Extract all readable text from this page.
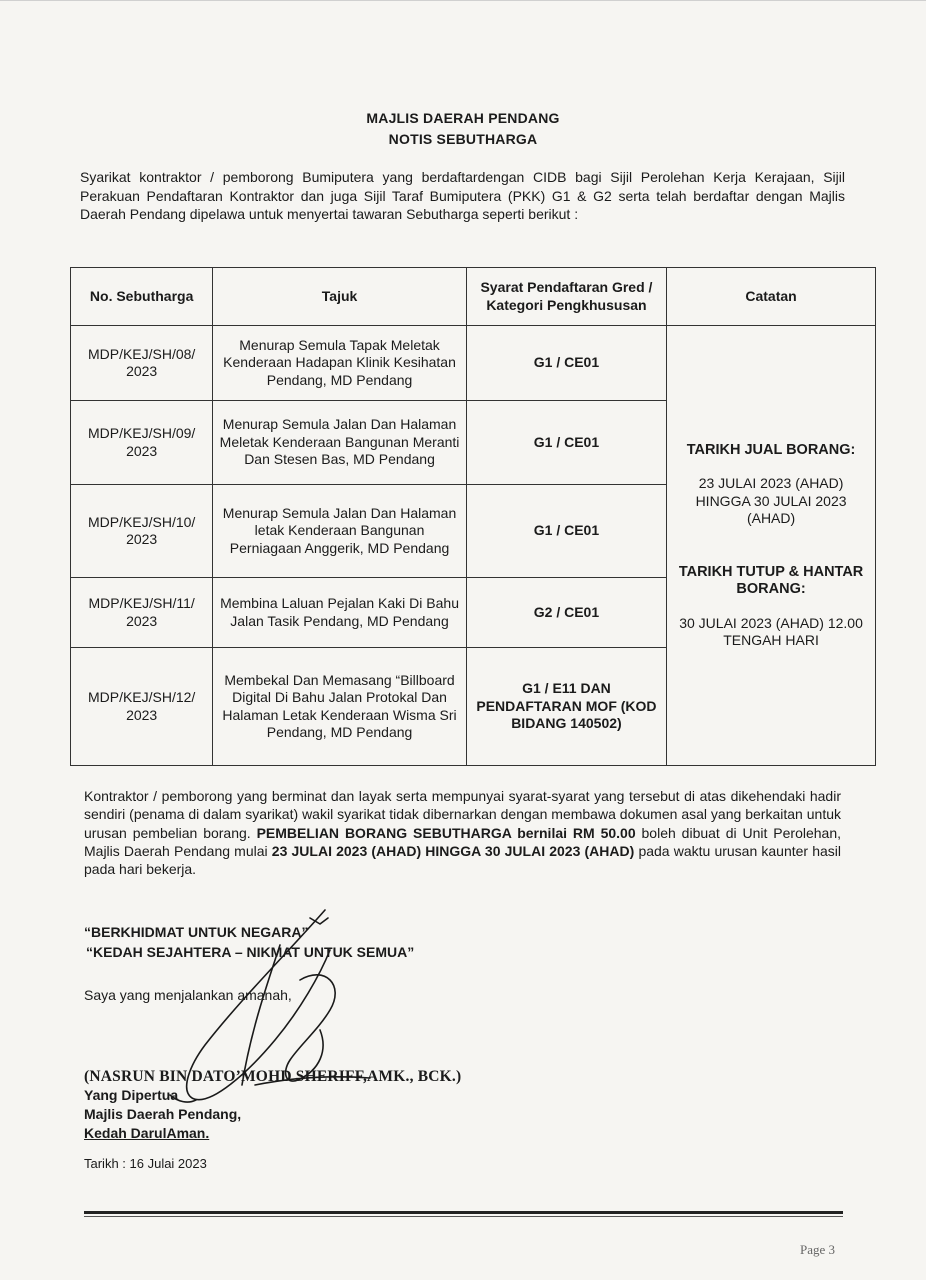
MAJLIS DAERAH PENDANG
NOTIS SEBUTHARGA
Syarikat kontraktor / pemborong Bumiputera yang berdaftardengan CIDB bagi Sijil Perolehan Kerja Kerajaan, Sijil Perakuan Pendaftaran Kontraktor dan juga Sijil Taraf Bumiputera (PKK) G1 & G2 serta telah berdaftar dengan Majlis Daerah Pendang dipelawa untuk menyertai tawaran Sebutharga seperti berikut :
No. Sebutharga	Tajuk	Syarat Pendaftaran Gred / Kategori Pengkhususan	Catatan
MDP/KEJ/SH/08/ 2023	Menurap Semula Tapak Meletak Kenderaan Hadapan Klinik Kesihatan Pendang, MD Pendang	G1 / CE01	TARIKH JUAL BORANG:
23 JULAI 2023 (AHAD) HINGGA 30 JULAI 2023 (AHAD)
TARIKH TUTUP & HANTAR BORANG:
30 JULAI 2023 (AHAD) 12.00 TENGAH HARI

MDP/KEJ/SH/09/ 2023	Menurap Semula Jalan Dan Halaman Meletak Kenderaan Bangunan Meranti Dan Stesen Bas, MD Pendang	G1 / CE01	
MDP/KEJ/SH/10/ 2023	Menurap Semula Jalan Dan Halaman letak Kenderaan Bangunan Perniagaan Anggerik, MD Pendang	G1 / CE01	
MDP/KEJ/SH/11/ 2023	Membina Laluan Pejalan Kaki Di Bahu Jalan Tasik Pendang, MD Pendang	G2 / CE01	
MDP/KEJ/SH/12/ 2023	Membekal Dan Memasang “Billboard Digital Di Bahu Jalan Protokal Dan Halaman Letak Kenderaan Wisma Sri Pendang, MD Pendang	G1 / E11 DAN PENDAFTARAN MOF (KOD BIDANG 140502)	
Kontraktor / pemborong yang berminat dan layak serta mempunyai syarat-syarat yang tersebut di atas dikehendaki hadir sendiri (penama di dalam syarikat) wakil syarikat tidak dibernarkan dengan membawa dokumen asal yang berkaitan untuk urusan pembelian borang. PEMBELIAN BORANG SEBUTHARGA bernilai RM 50.00 boleh dibuat di Unit Perolehan, Majlis Daerah Pendang mulai 23 JULAI 2023 (AHAD) HINGGA 30 JULAI 2023 (AHAD) pada waktu urusan kaunter hasil pada hari bekerja.
“BERKHIDMAT UNTUK NEGARA”
“KEDAH SEJAHTERA – NIKMAT UNTUK SEMUA”
Saya yang menjalankan amanah,
(NASRUN BIN DATO’MOHD SHERIFF,AMK., BCK.)
Yang Dipertua
Majlis Daerah Pendang,
Kedah DarulAman.
Tarikh : 16 Julai 2023
Page 3
